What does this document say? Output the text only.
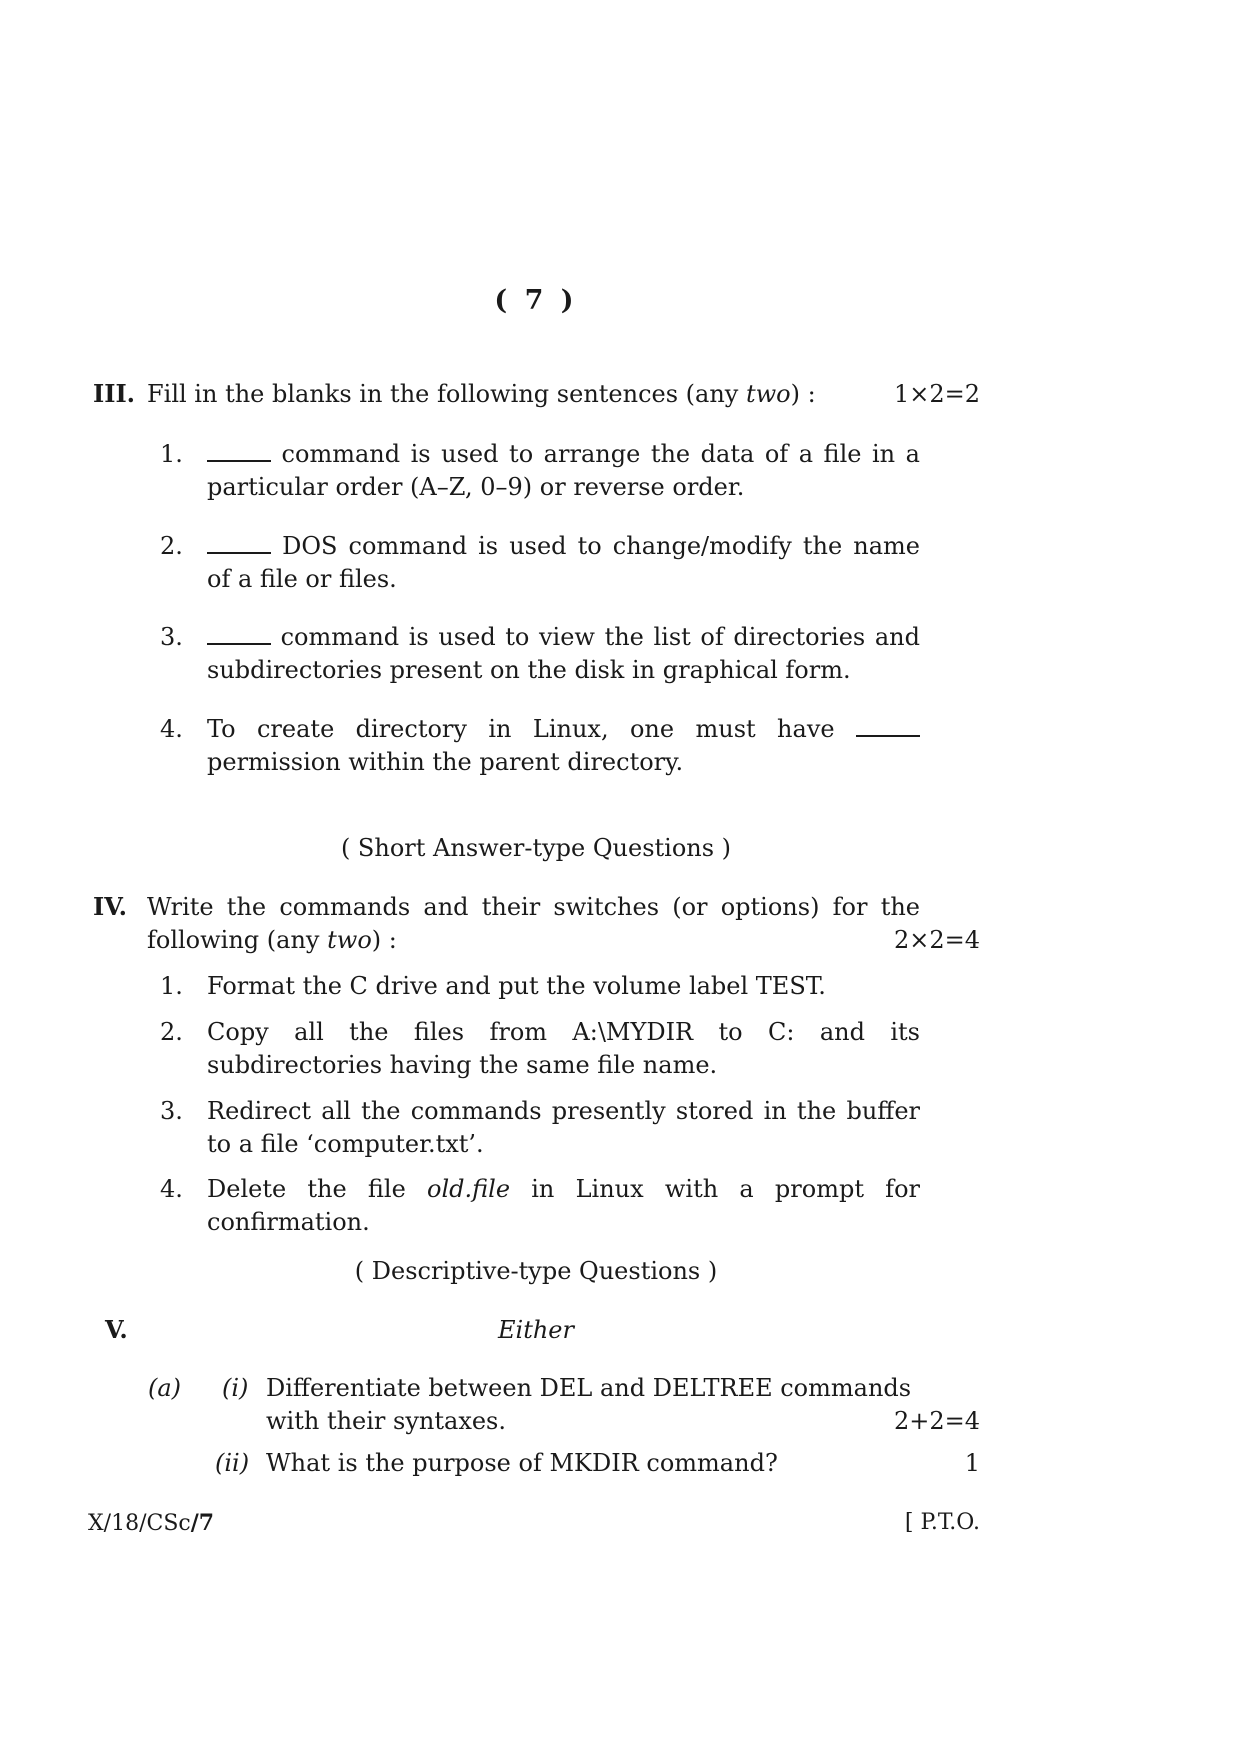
( 7 )
III. Fill in the blanks in the following sentences (any two) :	1×2=2
1.	command is used to arrange the data of a file in a
particular order (A–Z, 0–9) or reverse order.
2.	DOS command is used to change/modify the name
of a file or files.
3.	command is used to view the list of directories and
subdirectories present on the disk in graphical form.
4. To create directory in Linux, one must have
permission within the parent directory.
( Short Answer-type Questions )
IV. Write the commands and their switches (or options) for the
following (any two) :	2×2=4
1. Format the C drive and put the volume label TEST.
2. Copy all the files from A:\MYDIR to C: and its
subdirectories having the same file name.
3. Redirect all the commands presently stored in the buffer
to a file ‘computer.txt’.
4. Delete the file old.file in Linux with a prompt for
confirmation.
( Descriptive-type Questions )
V.	Either
(a) (i) Differentiate between DEL and DELTREE commands
with their syntaxes.	2+2=4
(ii) What is the purpose of MKDIR command?	1
X/18/CSc/7	[ P.T.O.
